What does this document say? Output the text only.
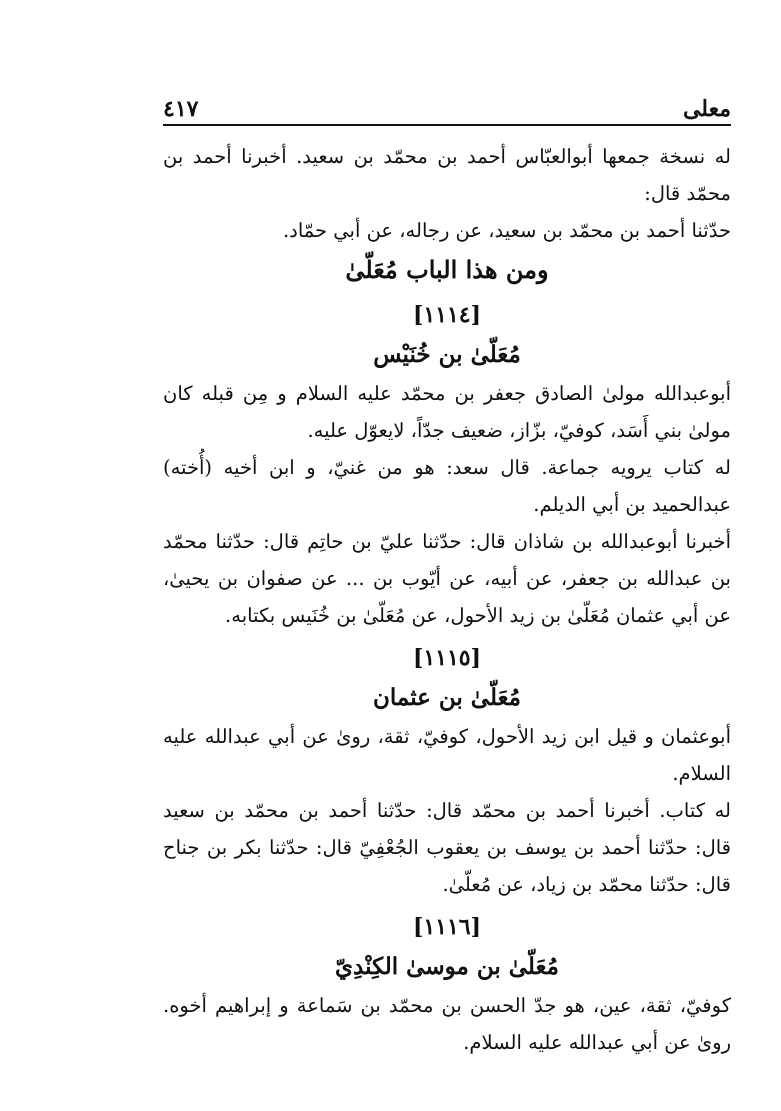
معلى
٤١٧

له نسخة جمعها أبوالعبّاس أحمد بن محمّد بن سعيد. أخبرنا أحمد بن محمّد قال:

حدّثنا أحمد بن محمّد بن سعيد، عن رجاله، عن أبي حمّاد.

ومن هذا الباب مُعَلّىٰ
[١١١٤]
مُعَلّىٰ بن خُنَيْس

أبوعبدالله مولىٰ الصادق جعفر بن محمّد عليه السلام و مِن قبله كان مولىٰ بني أَسَد، كوفيّ، بزّاز، ضعيف جدّاً، لايعوّل عليه.

له كتاب يرويه جماعة. قال سعد: هو من غنيّ، و ابن أخيه (أُخته) عبدالحميد بن أبي الديلم.

أخبرنا أبوعبدالله بن شاذان قال: حدّثنا عليّ بن حاتِم قال: حدّثنا محمّد بن عبدالله بن جعفر، عن أبيه، عن أيّوب بن ... عن صفوان بن يحيىٰ، عن أبي عثمان مُعَلّىٰ بن زيد الأحول، عن مُعَلّىٰ بن خُنَيس بكتابه.

[١١١٥]
مُعَلّىٰ بن عثمان

أبوعثمان و قيل ابن زيد الأحول، كوفيّ، ثقة، روىٰ عن أبي عبدالله عليه السلام.

له كتاب. أخبرنا أحمد بن محمّد قال: حدّثنا أحمد بن محمّد بن سعيد قال: حدّثنا أحمد بن يوسف بن يعقوب الجُعْفِيّ قال: حدّثنا بكر بن جناح قال: حدّثنا محمّد بن زياد، عن مُعلّىٰ.

[١١١٦]
مُعَلّىٰ بن موسىٰ الكِنْدِيّ

كوفيّ، ثقة، عين، هو جدّ الحسن بن محمّد بن سَماعة و إبراهيم أخوه. روىٰ عن أبي عبدالله عليه السلام.
